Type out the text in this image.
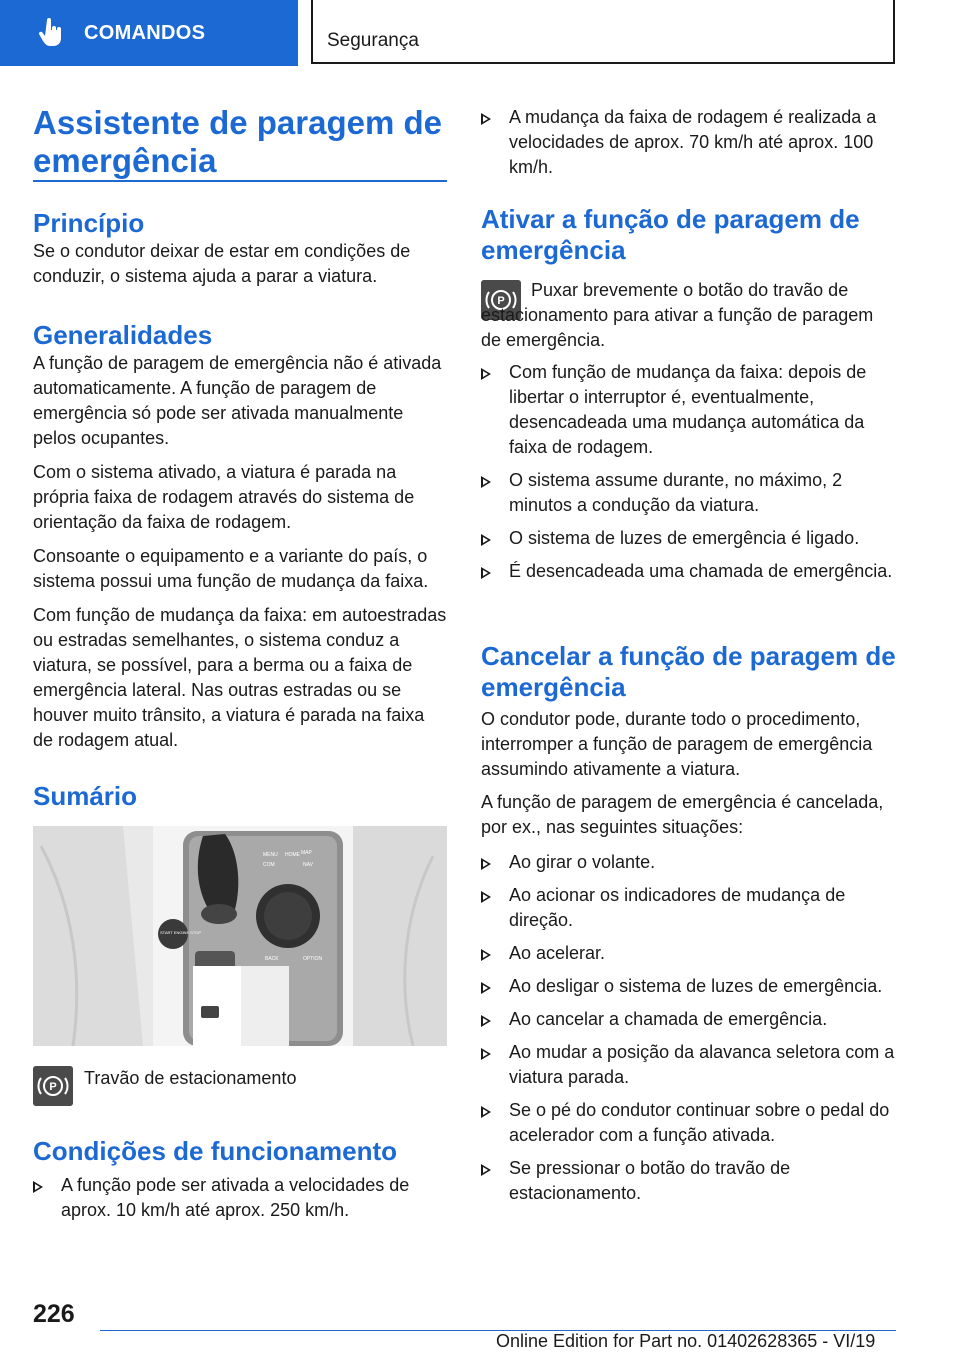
COMANDOS	Segurança
Assistente de paragem de emergência
Princípio

Se o condutor deixar de estar em condições de conduzir, o sistema ajuda a parar a viatura.

Generalidades

A função de paragem de emergência não é ativada automaticamente. A função de paragem de emergência só pode ser ativada manualmente pelos ocupantes.

Com o sistema ativado, a viatura é parada na própria faixa de rodagem através do sistema de orientação da faixa de rodagem.

Consoante o equipamento e a variante do país, o sistema possui uma função de mudança da faixa.

Com função de mudança da faixa: em autoestradas ou estradas semelhantes, o sistema conduz a viatura, se possível, para a berma ou a faixa de emergência lateral. Nas outras estradas ou se houver muito trânsito, a viatura é parada na faixa de rodagem atual.

Sumário
MENU HOME
COM	NAV
MAP
BACK	OPTION
START ENGINE STOP
P Travão de estacionamento

Condições de funcionamento
A função pode ser ativada a velocidades de aprox. 10 km/h até aprox. 250 km/h.
A mudança da faixa de rodagem é realizada a velocidades de aprox. 70 km/h até aprox. 100 km/h.
Ativar a função de paragem de emergência
P

Puxar brevemente o botão do travão de estacionamento para ativar a função de paragem de emergência.

Com função de mudança da faixa: depois de libertar o interruptor é, eventualmente, desencadeada uma mudança automática da faixa de rodagem.
O sistema assume durante, no máximo, 2 minutos a condução da viatura.
O sistema de luzes de emergência é ligado.
É desencadeada uma chamada de emergência.
Cancelar a função de paragem de emergência

O condutor pode, durante todo o procedimento, interromper a função de paragem de emergência assumindo ativamente a viatura.

A função de paragem de emergência é cancelada, por ex., nas seguintes situações:

Ao girar o volante.
Ao acionar os indicadores de mudança de direção.
Ao acelerar.
Ao desligar o sistema de luzes de emergência.
Ao cancelar a chamada de emergência.
Ao mudar a posição da alavanca seletora com a viatura parada.
Se o pé do condutor continuar sobre o pedal do acelerador com a função ativada.
Se pressionar o botão do travão de estacionamento.
226
Online Edition for Part no. 01402628365 - VI/19
